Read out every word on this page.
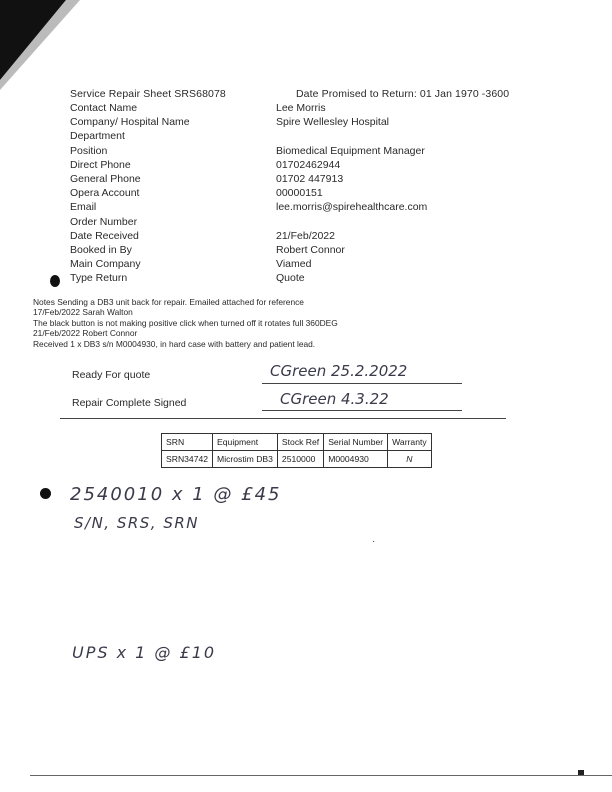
Service Repair Sheet SRS68078	Date Promised to Return: 01 Jan 1970 -3600
Contact Name	Lee Morris
Company/ Hospital Name	Spire Wellesley Hospital
Department
Position	Biomedical Equipment Manager
Direct Phone	01702462944
General Phone	01702 447913
Opera Account	00000151
Email	lee.morris@spirehealthcare.com
Order Number
Date Received	21/Feb/2022
Booked in By	Robert Connor
Main Company	Viamed
Type Return	Quote
Notes Sending a DB3 unit back for repair. Emailed attached for reference
17/Feb/2022 Sarah Walton
The black button is not making positive click when turned off it rotates full 360DEG
21/Feb/2022 Robert Connor
Received 1 x DB3 s/n M0004930, in hard case with battery and patient lead.
Ready For quote	CGreen 25.2.2022
Repair Complete Signed	CGreen 4.3.22
SRN	Equipment	Stock Ref	Serial Number	Warranty
SRN34742	Microstim DB3	2510000	M0004930	N
2540010 x 1 @ £45
S/N, SRS, SRN
·
UPS x 1 @ £10
